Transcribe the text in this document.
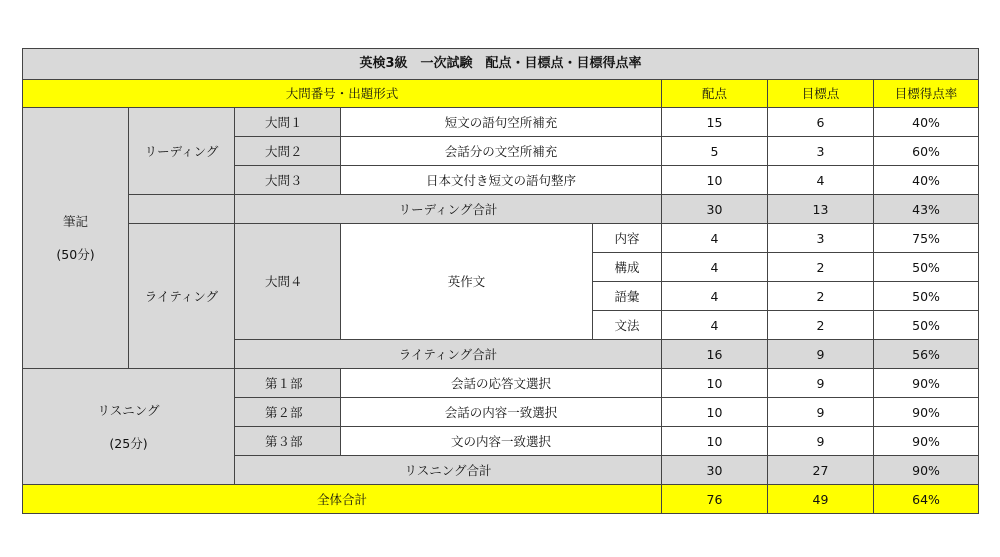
英検3級　一次試験　配点・目標点・目標得点率							
大問番号・出題形式					配点	目標点	目標得点率

筆記
(50分)	リーディング	大問１	短文の語句空所補充		15	6	40%
		大問２	会話分の文空所補充		5	3	60%
		大問３	日本文付き短文の語句整序		10	4	40%
		リーディング合計			30	13	43%
	ライティング	大問４	英作文	内容	4	3	75%
				構成	4	2	50%
				語彙	4	2	50%
				文法	4	2	50%
		ライティング合計			16	9	56%

リスニング
(25分)		第１部	会話の応答文選択		10	9	90%
		第２部	会話の内容一致選択		10	9	90%
		第３部	文の内容一致選択		10	9	90%
		リスニング合計			30	27	90%
全体合計					76	49	64%
